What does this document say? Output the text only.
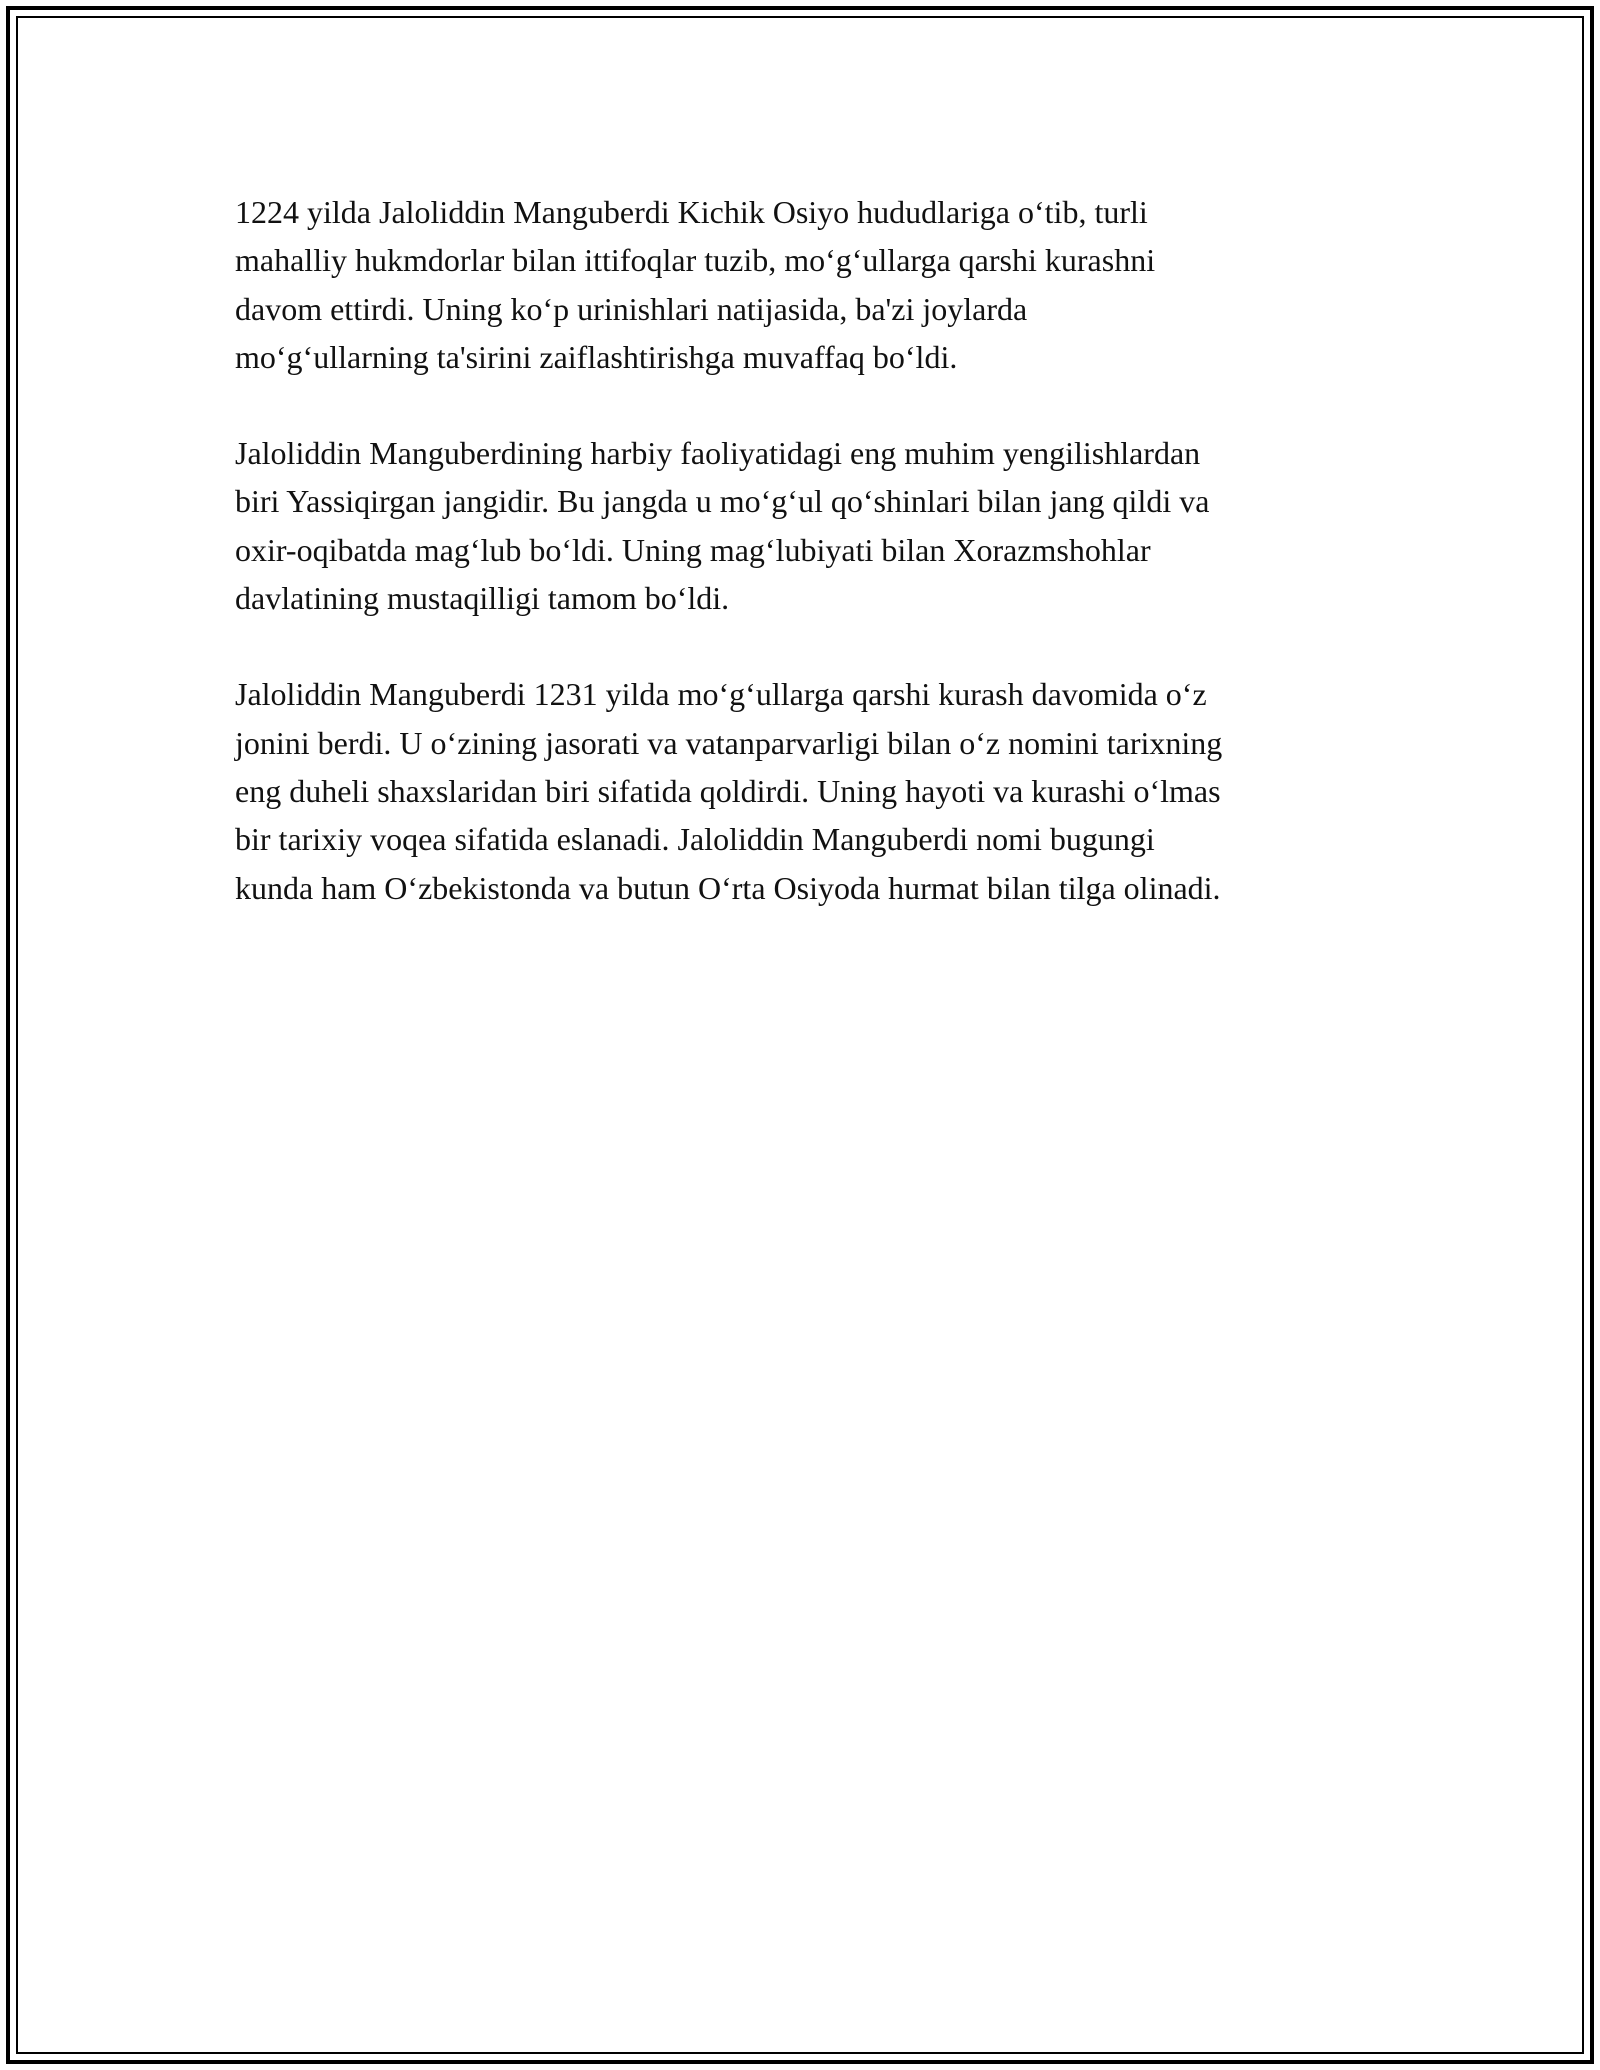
1224 yilda Jaloliddin Manguberdi Kichik Osiyo hududlariga o‘tib, turli
mahalliy hukmdorlar bilan ittifoqlar tuzib, mo‘g‘ullarga qarshi kurashni
davom ettirdi. Uning ko‘p urinishlari natijasida, ba'zi joylarda
mo‘g‘ullarning ta'sirini zaiflashtirishga muvaffaq bo‘ldi.

Jaloliddin Manguberdining harbiy faoliyatidagi eng muhim yengilishlardan
biri Yassiqirgan jangidir. Bu jangda u mo‘g‘ul qo‘shinlari bilan jang qildi va
oxir-oqibatda mag‘lub bo‘ldi. Uning mag‘lubiyati bilan Xorazmshohlar
davlatining mustaqilligi tamom bo‘ldi.

Jaloliddin Manguberdi 1231 yilda mo‘g‘ullarga qarshi kurash davomida o‘z
jonini berdi. U o‘zining jasorati va vatanparvarligi bilan o‘z nomini tarixning
eng duheli shaxslaridan biri sifatida qoldirdi. Uning hayoti va kurashi o‘lmas
bir tarixiy voqea sifatida eslanadi. Jaloliddin Manguberdi nomi bugungi
kunda ham O‘zbekistonda va butun O‘rta Osiyoda hurmat bilan tilga olinadi.
